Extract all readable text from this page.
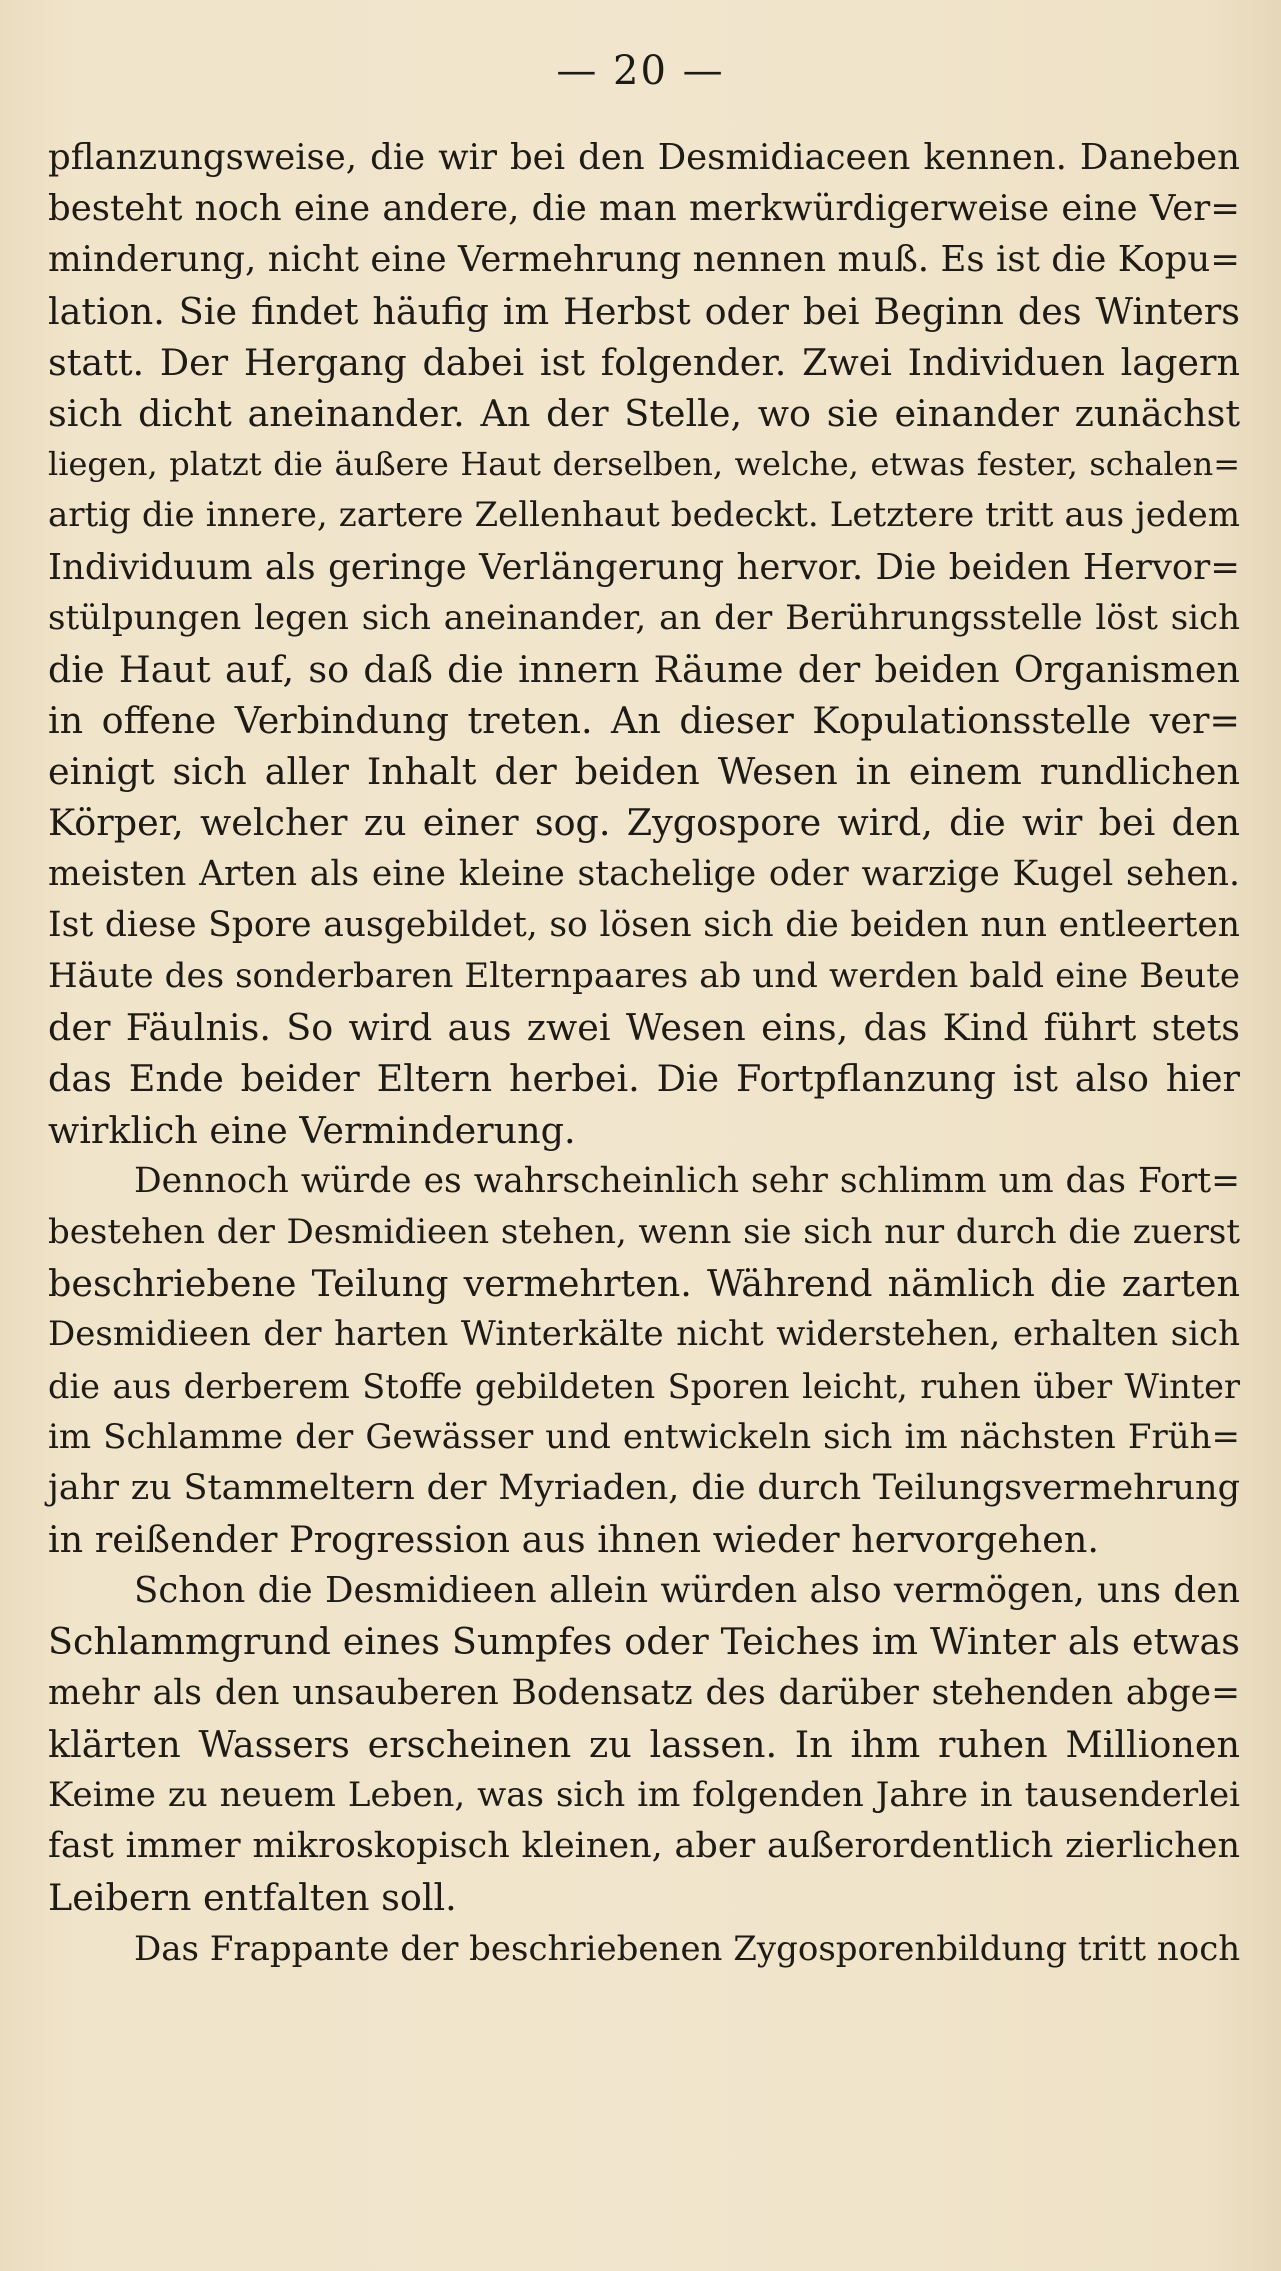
— 20 —
pflanzungsweise, die wir bei den Desmidiaceen kennen. Daneben
besteht noch eine andere, die man merkwürdigerweise eine Ver=
minderung, nicht eine Vermehrung nennen muß. Es ist die Kopu=
lation. Sie findet häufig im Herbst oder bei Beginn des Winters
statt. Der Hergang dabei ist folgender. Zwei Individuen lagern
sich dicht aneinander. An der Stelle, wo sie einander zunächst
liegen, platzt die äußere Haut derselben, welche, etwas fester, schalen=
artig die innere, zartere Zellenhaut bedeckt. Letztere tritt aus jedem
Individuum als geringe Verlängerung hervor. Die beiden Hervor=
stülpungen legen sich aneinander, an der Berührungsstelle löst sich
die Haut auf, so daß die innern Räume der beiden Organismen
in offene Verbindung treten. An dieser Kopulationsstelle ver=
einigt sich aller Inhalt der beiden Wesen in einem rundlichen
Körper, welcher zu einer sog. Zygospore wird, die wir bei den
meisten Arten als eine kleine stachelige oder warzige Kugel sehen.
Ist diese Spore ausgebildet, so lösen sich die beiden nun entleerten
Häute des sonderbaren Elternpaares ab und werden bald eine Beute
der Fäulnis. So wird aus zwei Wesen eins, das Kind führt stets
das Ende beider Eltern herbei. Die Fortpflanzung ist also hier
wirklich eine Verminderung.
Dennoch würde es wahrscheinlich sehr schlimm um das Fort=
bestehen der Desmidieen stehen, wenn sie sich nur durch die zuerst
beschriebene Teilung vermehrten. Während nämlich die zarten
Desmidieen der harten Winterkälte nicht widerstehen, erhalten sich
die aus derberem Stoffe gebildeten Sporen leicht, ruhen über Winter
im Schlamme der Gewässer und entwickeln sich im nächsten Früh=
jahr zu Stammeltern der Myriaden, die durch Teilungsvermehrung
in reißender Progression aus ihnen wieder hervorgehen.
Schon die Desmidieen allein würden also vermögen, uns den
Schlammgrund eines Sumpfes oder Teiches im Winter als etwas
mehr als den unsauberen Bodensatz des darüber stehenden abge=
klärten Wassers erscheinen zu lassen. In ihm ruhen Millionen
Keime zu neuem Leben, was sich im folgenden Jahre in tausenderlei
fast immer mikroskopisch kleinen, aber außerordentlich zierlichen
Leibern entfalten soll.
Das Frappante der beschriebenen Zygosporenbildung tritt noch
